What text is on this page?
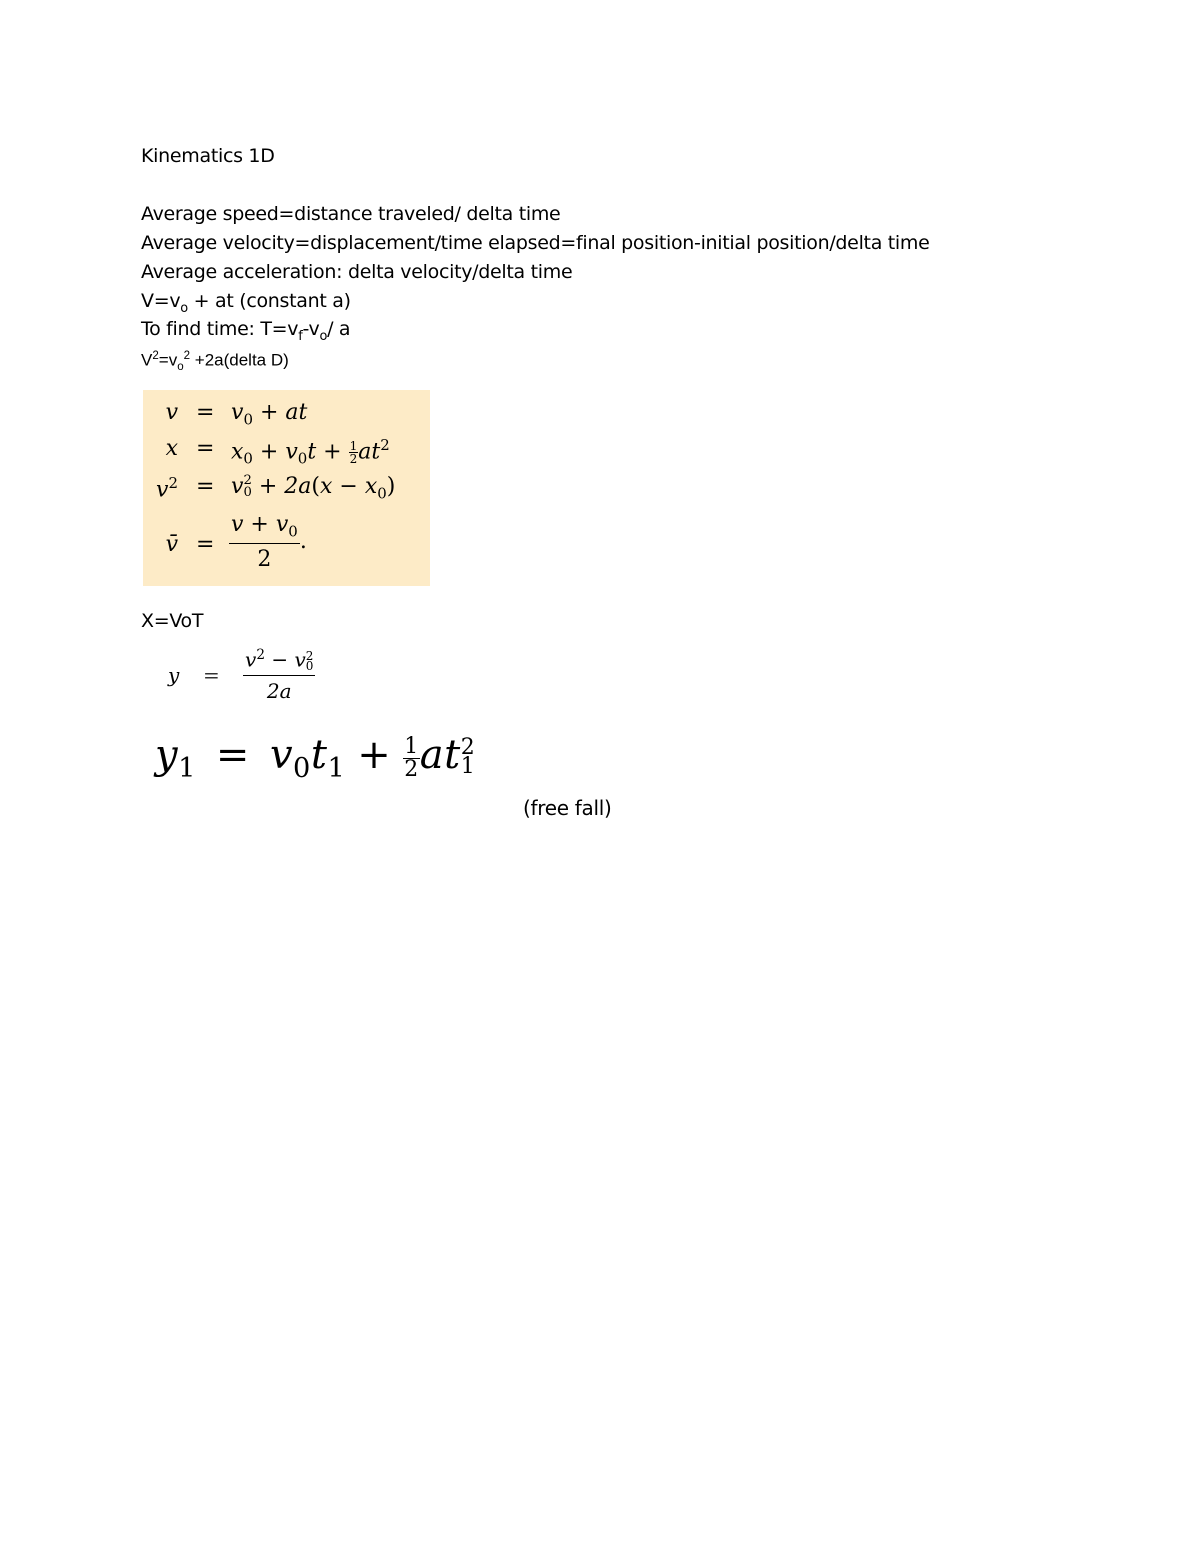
Kinematics 1D
Average speed=distance traveled/ delta time
Average velocity=displacement/time elapsed=final position-initial position/delta time
Average acceleration: delta velocity/delta time
$V=v_o$ + at (constant a)
To find time: $T=v_f-v_o/$ a
$V^2=v_o^2$ +2a(delta D)
$v = v_0$ + at
$x = x_0 + v_0t + \frac{1}{2} at^2$
$v^2 = v$ 2
$0 + 2a(x - x_0)$
v̄ = $\frac{v + v_0}{2}$ .
X=VoT
$y = v^2 - v$ 2
0
2a
$y_1 = v_0t_1 + \frac{1}{2}$ at 2
1
(free fall)
